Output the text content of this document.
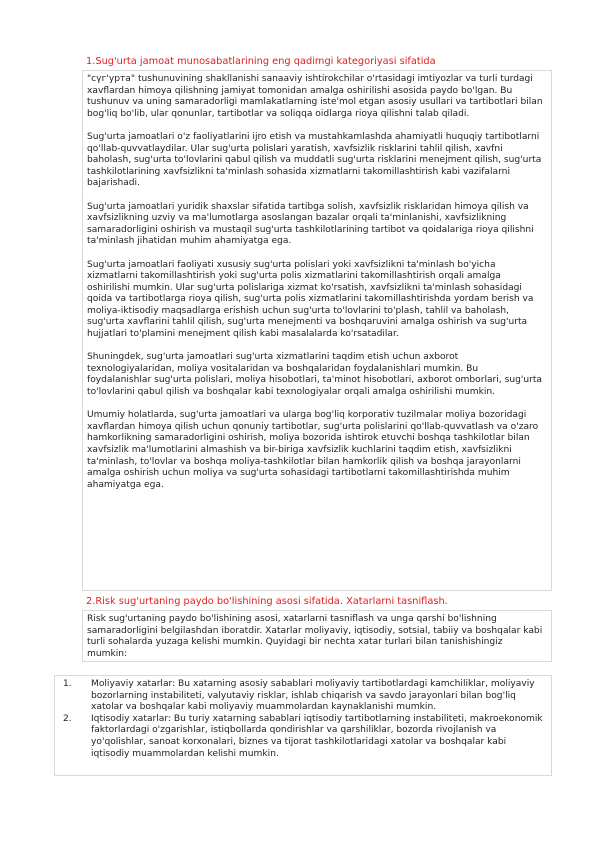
1.Sug'urta jamoat munosabatlarining eng qadimgi kategoriyasi sifatida

"сүг'урта" tushunuvining shakllanishi sanaaviy ishtirokchilar o'rtasidagi imtiyozlar va turli turdagi xavflardan himoya qilishning jamiyat tomonidan amalga oshirilishi asosida paydo bo'lgan. Bu tushunuv va uning samaradorligi mamlakatlarning iste'mol etgan asosiy usullari va tartibotlari bilan bog'liq bo'lib, ular qonunlar, tartibotlar va soliqqa oidlarga rioya qilishni talab qiladi.

Sug'urta jamoatlari o'z faoliyatlarini ijro etish va mustahkamlashda ahamiyatli huquqiy tartibotlarni qo'llab-quvvatlaydilar. Ular sug'urta polislari yaratish, xavfsizlik risklarini tahlil qilish, xavfni baholash, sug'urta to'lovlarini qabul qilish va muddatli sug'urta risklarini menejment qilish, sug'urta tashkilotlarining xavfsizlikni ta'minlash sohasida xizmatlarni takomillashtirish kabi vazifalarni bajarishadi.

Sug'urta jamoatlari yuridik shaxslar sifatida tartibga solish, xavfsizlik risklaridan himoya qilish va xavfsizlikning uzviy va ma'lumotlarga asoslangan bazalar orqali ta'minlanishi, xavfsizlikning samaradorligini oshirish va mustaqil sug'urta tashkilotlarining tartibot va qoidalariga rioya qilishni ta'minlash jihatidan muhim ahamiyatga ega.

Sug'urta jamoatlari faoliyati xususiy sug'urta polislari yoki xavfsizlikni ta'minlash bo'yicha xizmatlarni takomillashtirish yoki sug'urta polis xizmatlarini takomillashtirish orqali amalga oshirilishi mumkin. Ular sug'urta polislariga xizmat ko'rsatish, xavfsizlikni ta'minlash sohasidagi qoida va tartibotlarga rioya qilish, sug'urta polis xizmatlarini takomillashtirishda yordam berish va moliya-iktisodiy maqsadlarga erishish uchun sug'urta to'lovlarini to'plash, tahlil va baholash, sug'urta xavflarini tahlil qilish, sug'urta menejmenti va boshqaruvini amalga oshirish va sug'urta hujjatlari to'plamini menejment qilish kabi masalalarda ko'rsatadilar.

Shuningdek, sug'urta jamoatlari sug'urta xizmatlarini taqdim etish uchun axborot texnologiyalaridan, moliya vositalaridan va boshqalaridan foydalanishlari mumkin. Bu foydalanishlar sug'urta polislari, moliya hisobotlari, ta'minot hisobotlari, axborot omborlari, sug'urta to'lovlarini qabul qilish va boshqalar kabi texnologiyalar orqali amalga oshirilishi mumkin.

Umumiy holatlarda, sug'urta jamoatlari va ularga bog'liq korporativ tuzilmalar moliya bozoridagi xavflardan himoya qilish uchun qonuniy tartibotlar, sug'urta polislarini qo'llab-quvvatlash va o'zaro hamkorlikning samaradorligini oshirish, moliya bozorida ishtirok etuvchi boshqa tashkilotlar bilan xavfsizlik ma'lumotlarini almashish va bir-biriga xavfsizlik kuchlarini taqdim etish, xavfsizlikni ta'minlash, to'lovlar va boshqa moliya-tashkilotlar bilan hamkorlik qilish va boshqa jarayonlarni amalga oshirish uchun moliya va sug'urta sohasidagi tartibotlarni takomillashtirishda muhim ahamiyatga ega.

2.Risk sug'urtaning paydo bo'lishining asosi sifatida. Xatarlarni tasniflash.

Risk sug'urtaning paydo bo'lishining asosi, xatarlarni tasniflash va unga qarshi bo'lishning samaradorligini belgilashdan iboratdir. Xatarlar moliyaviy, iqtisodiy, sotsial, tabiiy va boshqalar kabi turli sohalarda yuzaga kelishi mumkin. Quyidagi bir nechta xatar turlari bilan tanishishingiz mumkin:

1.	Moliyaviy xatarlar: Bu xatarning asosiy sabablari moliyaviy tartibotlardagi kamchiliklar, moliyaviy bozorlarning instabiliteti, valyutaviy risklar, ishlab chiqarish va savdo jarayonlari bilan bog'liq xatolar va boshqalar kabi moliyaviy muammolardan kaynaklanishi mumkin.
2.	Iqtisodiy xatarlar: Bu turiy xatarning sabablari iqtisodiy tartibotlarning instabiliteti, makroekonomik faktorlardagi o'zgarishlar, istiqbollarda qondirishlar va qarshiliklar, bozorda rivojlanish va yo'qolishlar, sanoat korxonalari, biznes va tijorat tashkilotlaridagi xatolar va boshqalar kabi iqtisodiy muammolardan kelishi mumkin.
